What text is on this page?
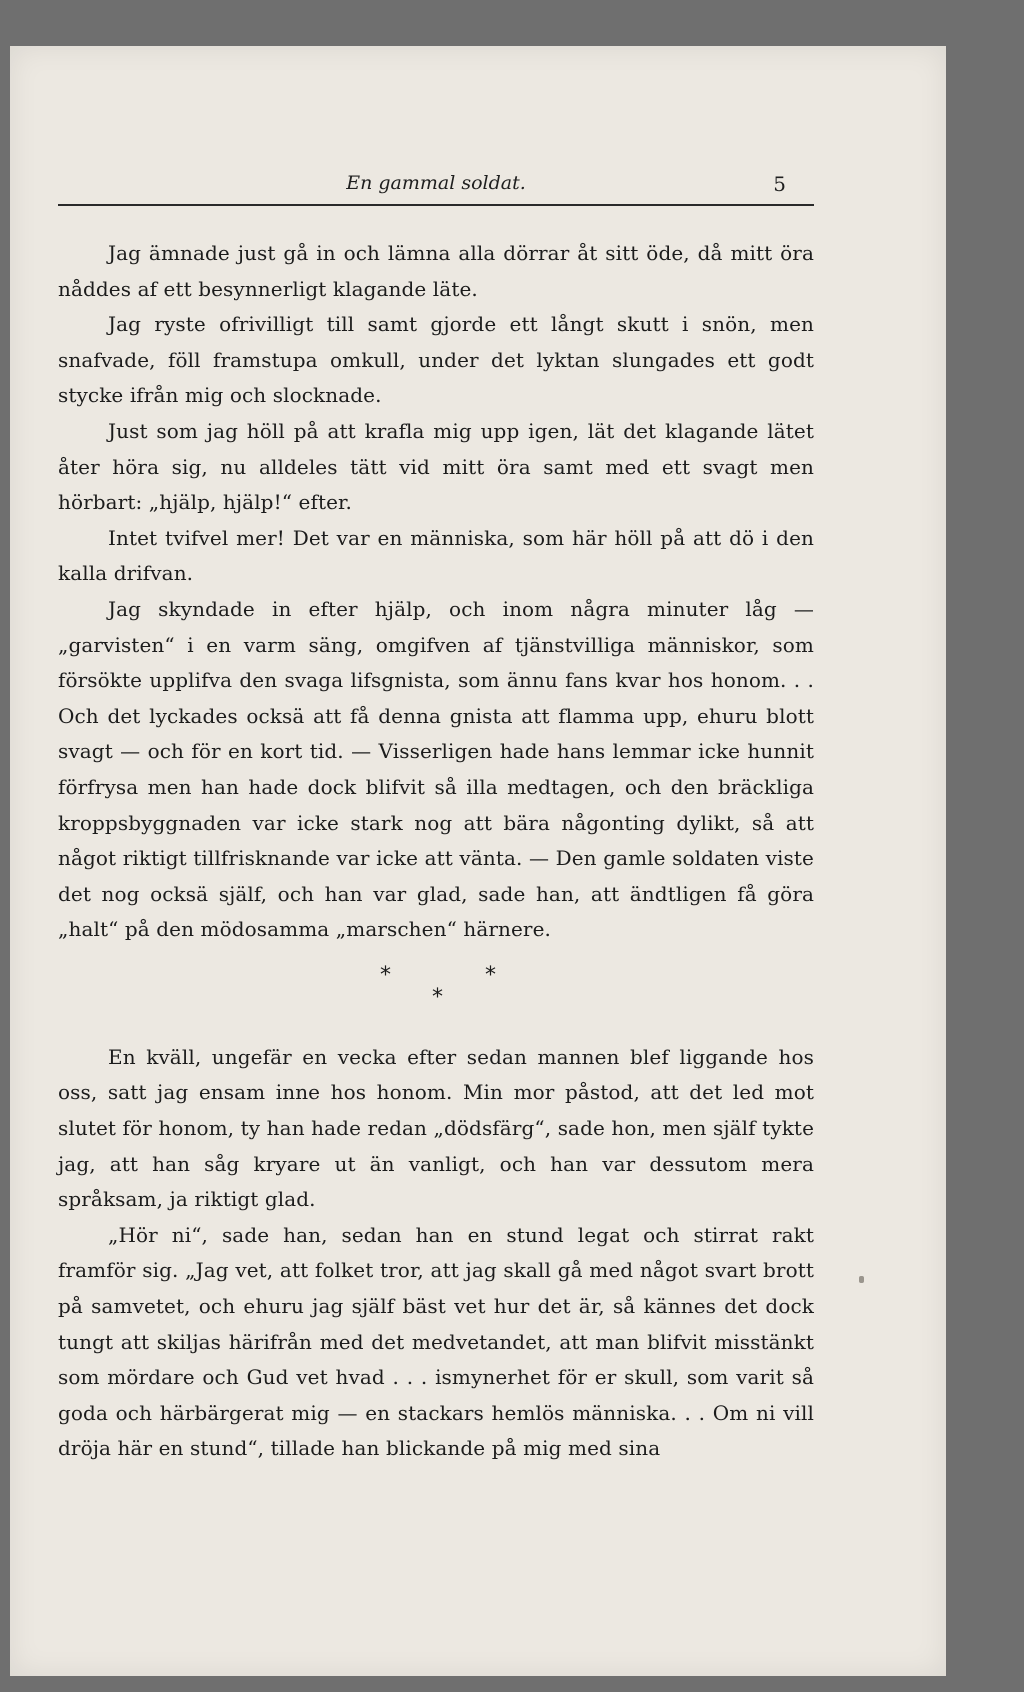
En gammal soldat.	5

Jag ämnade just gå in och lämna alla dörrar åt sitt öde, då mitt öra nåddes af ett besynnerligt klagande läte.

Jag ryste ofrivilligt till samt gjorde ett långt skutt i snön, men snafvade, föll framstupa omkull, under det lyktan slungades ett godt stycke ifrån mig och slocknade.

Just som jag höll på att krafla mig upp igen, lät det klagande lätet åter höra sig, nu alldeles tätt vid mitt öra samt med ett svagt men hörbart: „hjälp, hjälp!“ efter.

Intet tvifvel mer! Det var en människa, som här höll på att dö i den kalla drifvan.

Jag skyndade in efter hjälp, och inom några minuter låg — „garvisten“ i en varm säng, omgifven af tjänstvilliga människor, som försökte upplifva den svaga lifsgnista, som ännu fans kvar hos honom. . . Och det lyckades ocksä att få denna gnista att flamma upp, ehuru blott svagt — och för en kort tid. — Visserligen hade hans lemmar icke hunnit förfrysa men han hade dock blifvit så illa medtagen, och den bräckliga kroppsbyggnaden var icke stark nog att bära någonting dylikt, så att något riktigt tillfrisknande var icke att vänta. — Den gamle soldaten viste det nog ocksä själf, och han var glad, sade han, att ändtligen få göra „halt“ på den mödosamma „marschen“ härnere.

*	*
*

En kväll, ungefär en vecka efter sedan mannen blef liggande hos oss, satt jag ensam inne hos honom. Min mor påstod, att det led mot slutet för honom, ty han hade redan „dödsfärg“, sade hon, men själf tykte jag, att han såg kryare ut än vanligt, och han var dessutom mera språksam, ja riktigt glad.

„Hör ni“, sade han, sedan han en stund legat och stirrat rakt framför sig. „Jag vet, att folket tror, att jag skall gå med något svart brott på samvetet, och ehuru jag själf bäst vet hur det är, så kännes det dock tungt att skiljas härifrån med det medvetandet, att man blifvit misstänkt som mördare och Gud vet hvad . . . ismynerhet för er skull, som varit så goda och härbärgerat mig — en stackars hemlös människa. . . Om ni vill dröja här en stund“, tillade han blickande på mig med sina
